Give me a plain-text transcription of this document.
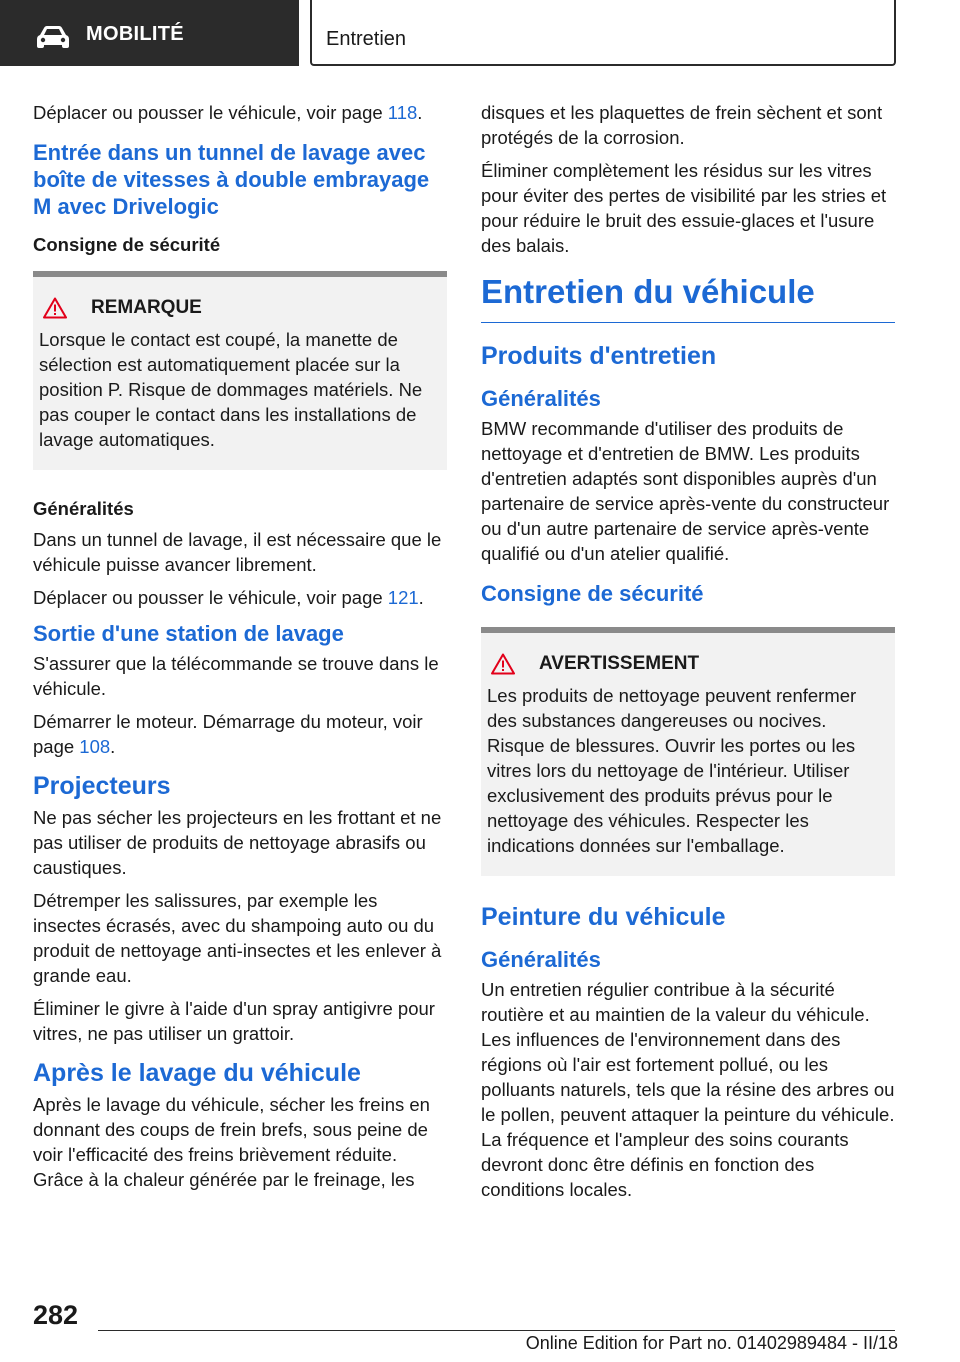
MOBILITÉ	Entretien

Déplacer ou pousser le véhicule, voir page 118.

Entrée dans un tunnel de lavage avec boîte de vitesses à double embrayage M avec Drivelogic
Consigne de sécurité
REMARQUE

Lorsque le contact est coupé, la manette de sélection est automatiquement placée sur la position P. Risque de dommages matériels. Ne pas couper le contact dans les installations de lavage automatiques.

Généralités

Dans un tunnel de lavage, il est nécessaire que le véhicule puisse avancer librement.

Déplacer ou pousser le véhicule, voir page 121.

Sortie d'une station de lavage

S'assurer que la télécommande se trouve dans le véhicule.

Démarrer le moteur. Démarrage du moteur, voir page 108.

Projecteurs

Ne pas sécher les projecteurs en les frottant et ne pas utiliser de produits de nettoyage abrasifs ou caustiques.

Détremper les salissures, par exemple les insectes écrasés, avec du shampoing auto ou du produit de nettoyage anti-insectes et les enlever à grande eau.

Éliminer le givre à l'aide d'un spray antigivre pour vitres, ne pas utiliser un grattoir.

Après le lavage du véhicule

Après le lavage du véhicule, sécher les freins en donnant des coups de frein brefs, sous peine de voir l'efficacité des freins brièvement réduite. Grâce à la chaleur générée par le freinage, les

disques et les plaquettes de frein sèchent et sont protégés de la corrosion.

Éliminer complètement les résidus sur les vitres pour éviter des pertes de visibilité par les stries et pour réduire le bruit des essuie-glaces et l'usure des balais.

Entretien du véhicule
Produits d'entretien
Généralités

BMW recommande d'utiliser des produits de nettoyage et d'entretien de BMW. Les produits d'entretien adaptés sont disponibles auprès d'un partenaire de service après-vente du constructeur ou d'un autre partenaire de service après-vente qualifié ou d'un atelier qualifié.

Consigne de sécurité
AVERTISSEMENT

Les produits de nettoyage peuvent renfermer des substances dangereuses ou nocives. Risque de blessures. Ouvrir les portes ou les vitres lors du nettoyage de l'intérieur. Utiliser exclusivement des produits prévus pour le nettoyage des véhicules. Respecter les indications données sur l'emballage.

Peinture du véhicule
Généralités

Un entretien régulier contribue à la sécurité routière et au maintien de la valeur du véhicule. Les influences de l'environnement dans des régions où l'air est fortement pollué, ou les polluants naturels, tels que la résine des arbres ou le pollen, peuvent attaquer la peinture du véhicule. La fréquence et l'ampleur des soins courants devront donc être définis en fonction des conditions locales.

282
Online Edition for Part no. 01402989484 - II/18
